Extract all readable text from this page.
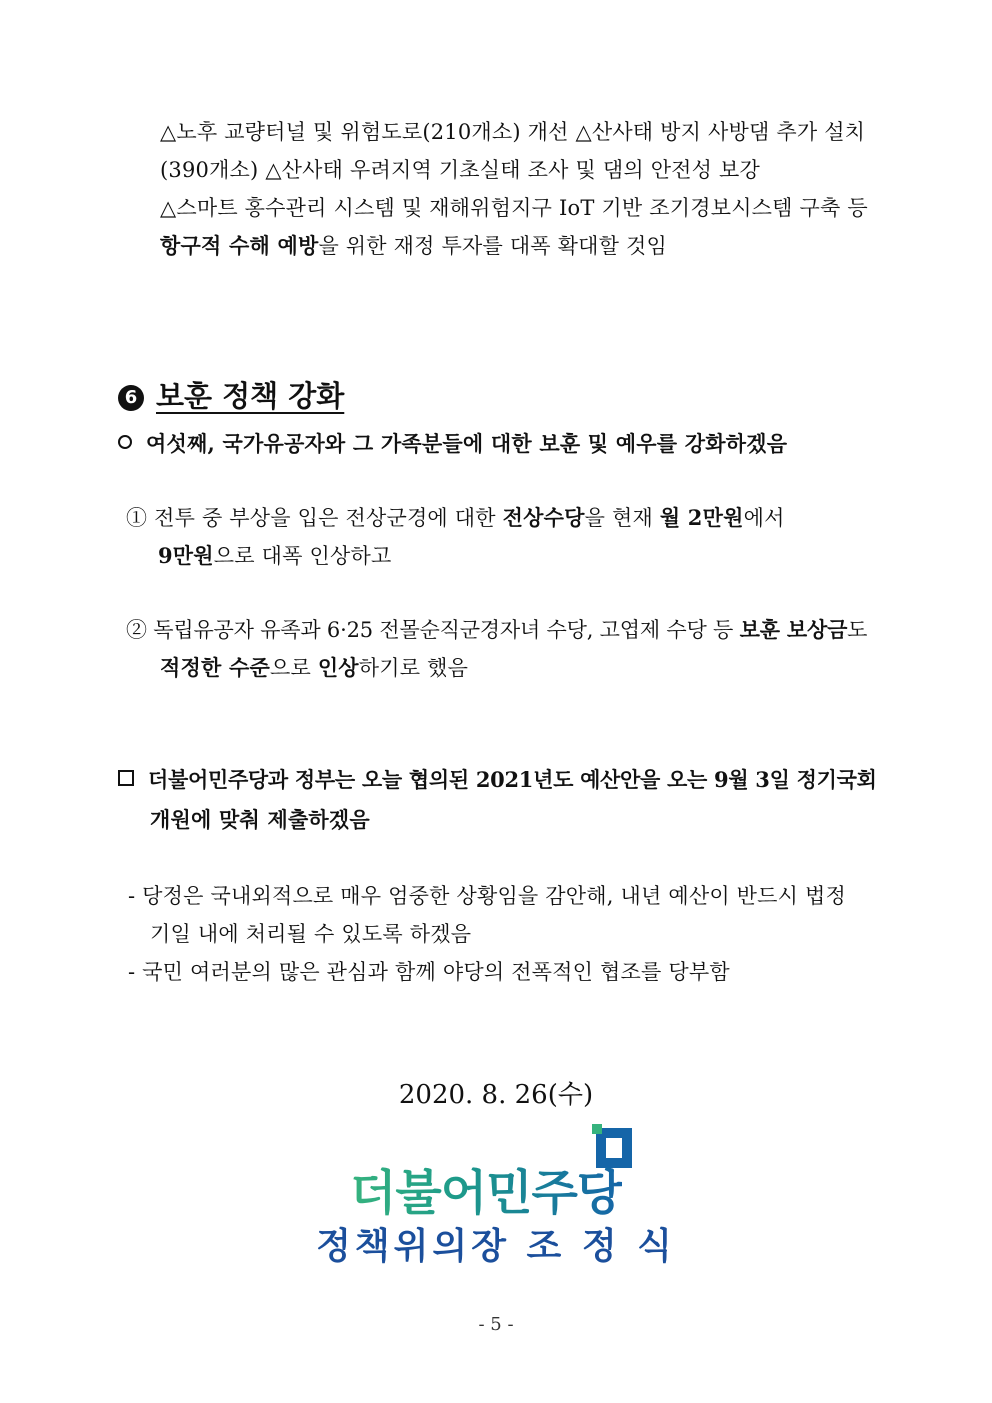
△노후 교량터널 및 위험도로(210개소) 개선 △산사태 방지 사방댐 추가 설치
(390개소) △산사태 우려지역 기초실태 조사 및 댐의 안전성 보강
△스마트 홍수관리 시스템 및 재해위험지구 IoT 기반 조기경보시스템 구축 등
항구적 수해 예방을 위한 재정 투자를 대폭 확대할 것임
6 보훈 정책 강화
여섯째, 국가유공자와 그 가족분들에 대한 보훈 및 예우를 강화하겠음
① 전투 중 부상을 입은 전상군경에 대한 전상수당을 현재 월 2만원에서
9만원으로 대폭 인상하고
② 독립유공자 유족과 6·25 전몰순직군경자녀 수당, 고엽제 수당 등 보훈 보상금도
적정한 수준으로 인상하기로 했음
더불어민주당과 정부는 오늘 협의된 2021년도 예산안을 오는 9월 3일 정기국회
개원에 맞춰 제출하겠음
- 당정은 국내외적으로 매우 엄중한 상황임을 감안해, 내년 예산이 반드시 법정
기일 내에 처리될 수 있도록 하겠음
- 국민 여러분의 많은 관심과 함께 야당의 전폭적인 협조를 당부함
2020. 8. 26(수)
더불어민주당
정책위의장 조 정 식
- 5 -
